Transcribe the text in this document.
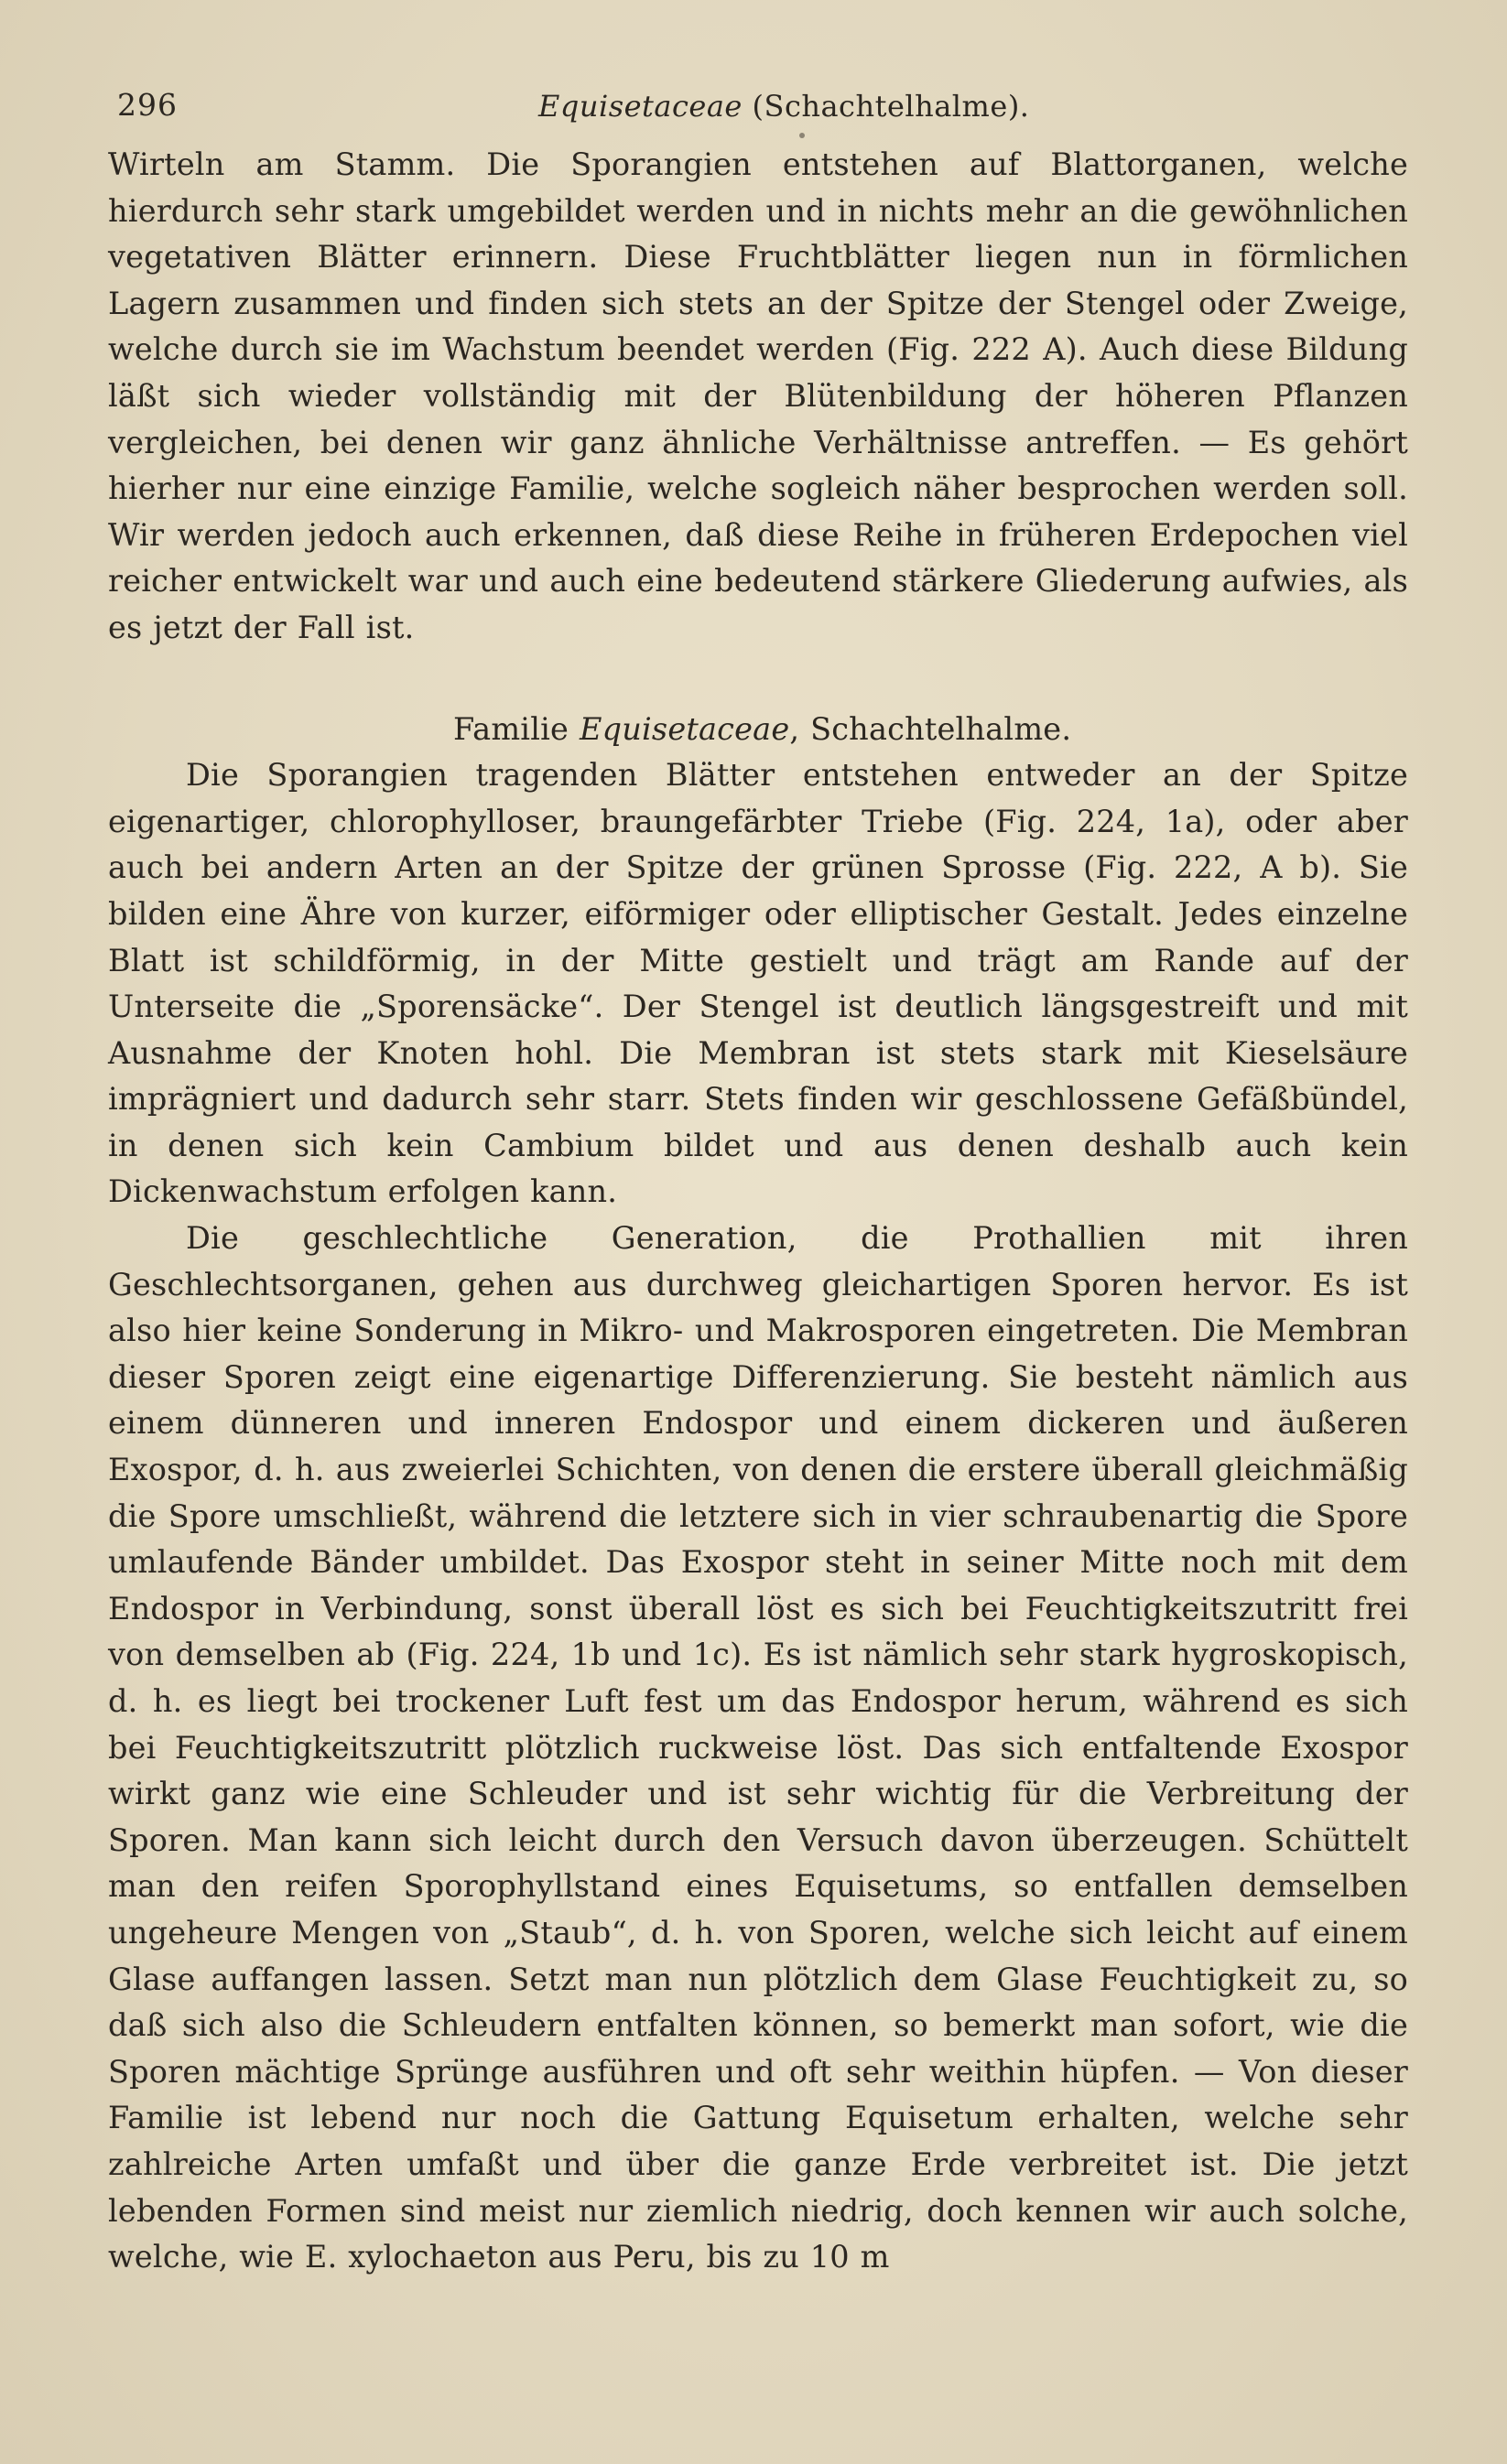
296	Equisetaceae (Schachtelhalme).

Wirteln am Stamm. Die Sporangien entstehen auf Blattorganen, welche hierdurch sehr stark umgebildet werden und in nichts mehr an die gewöhnlichen vegetativen Blätter erinnern. Diese Fruchtblätter liegen nun in förmlichen Lagern zusammen und finden sich stets an der Spitze der Stengel oder Zweige, welche durch sie im Wachstum beendet werden (Fig. 222 A). Auch diese Bildung läßt sich wieder vollständig mit der Blütenbildung der höheren Pflanzen vergleichen, bei denen wir ganz ähnliche Verhältnisse antreffen. — Es gehört hierher nur eine einzige Familie, welche sogleich näher besprochen werden soll. Wir werden jedoch auch erkennen, daß diese Reihe in früheren Erdepochen viel reicher entwickelt war und auch eine bedeutend stärkere Gliederung aufwies, als es jetzt der Fall ist.

Familie Equisetaceae, Schachtelhalme.

Die Sporangien tragenden Blätter entstehen entweder an der Spitze eigenartiger, chlorophylloser, braungefärbter Triebe (Fig. 224, 1a), oder aber auch bei andern Arten an der Spitze der grünen Sprosse (Fig. 222, A b). Sie bilden eine Ähre von kurzer, eiförmiger oder elliptischer Gestalt. Jedes einzelne Blatt ist schildförmig, in der Mitte gestielt und trägt am Rande auf der Unterseite die „Sporensäcke“. Der Stengel ist deutlich längsgestreift und mit Ausnahme der Knoten hohl. Die Membran ist stets stark mit Kieselsäure imprägniert und dadurch sehr starr. Stets finden wir geschlossene Gefäßbündel, in denen sich kein Cambium bildet und aus denen deshalb auch kein Dickenwachstum erfolgen kann.

Die geschlechtliche Generation, die Prothallien mit ihren Geschlechtsorganen, gehen aus durchweg gleichartigen Sporen hervor. Es ist also hier keine Sonderung in Mikro- und Makrosporen eingetreten. Die Membran dieser Sporen zeigt eine eigenartige Differenzierung. Sie besteht nämlich aus einem dünneren und inneren Endospor und einem dickeren und äußeren Exospor, d. h. aus zweierlei Schichten, von denen die erstere überall gleichmäßig die Spore umschließt, während die letztere sich in vier schraubenartig die Spore umlaufende Bänder umbildet. Das Exospor steht in seiner Mitte noch mit dem Endospor in Verbindung, sonst überall löst es sich bei Feuchtigkeitszutritt frei von demselben ab (Fig. 224, 1b und 1c). Es ist nämlich sehr stark hygroskopisch, d. h. es liegt bei trockener Luft fest um das Endospor herum, während es sich bei Feuchtigkeitszutritt plötzlich ruckweise löst. Das sich entfaltende Exospor wirkt ganz wie eine Schleuder und ist sehr wichtig für die Verbreitung der Sporen. Man kann sich leicht durch den Versuch davon überzeugen. Schüttelt man den reifen Sporophyllstand eines Equisetums, so entfallen demselben ungeheure Mengen von „Staub“, d. h. von Sporen, welche sich leicht auf einem Glase auffangen lassen. Setzt man nun plötzlich dem Glase Feuchtigkeit zu, so daß sich also die Schleudern entfalten können, so bemerkt man sofort, wie die Sporen mächtige Sprünge ausführen und oft sehr weithin hüpfen. — Von dieser Familie ist lebend nur noch die Gattung Equisetum erhalten, welche sehr zahlreiche Arten umfaßt und über die ganze Erde verbreitet ist. Die jetzt lebenden Formen sind meist nur ziemlich niedrig, doch kennen wir auch solche, welche, wie E. xylochaeton aus Peru, bis zu 10 m
